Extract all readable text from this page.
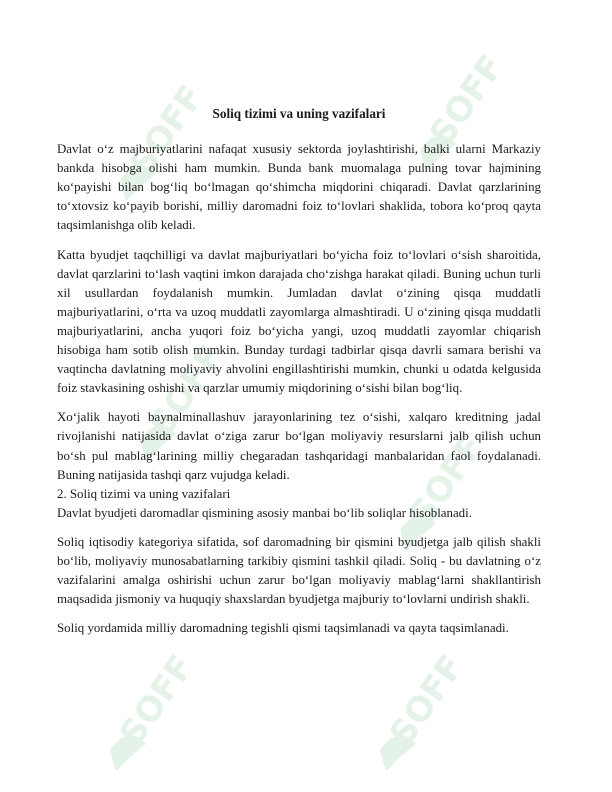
SOFF	SOFF
SOFF
SOFF
SOFF	SOFF

Soliq tizimi va uning vazifalari

Davlat o‘z majburiyatlarini nafaqat xususiy sektorda joylashtirishi, balki ularni Markaziy bankda hisobga olishi ham mumkin. Bunda bank muomalaga pulning tovar hajmining ko‘payishi bilan bog‘liq bo‘lmagan qo‘shimcha miqdorini chiqaradi. Davlat qarzlarining to‘xtovsiz ko‘payib borishi, milliy daromadni foiz to‘lovlari shaklida, tobora ko‘proq qayta taqsimlanishga olib keladi.

Katta byudjet taqchilligi va davlat majburiyatlari bo‘yicha foiz to‘lovlari o‘sish sharoitida, davlat qarzlarini to‘lash vaqtini imkon darajada cho‘zishga harakat qiladi. Buning uchun turli xil usullardan foydalanish mumkin. Jumladan davlat o‘zining qisqa muddatli majburiyatlarini, o‘rta va uzoq muddatli zayomlarga almashtiradi. U o‘zining qisqa muddatli majburiyatlarini, ancha yuqori foiz bo‘yicha yangi, uzoq muddatli zayomlar chiqarish hisobiga ham sotib olish mumkin. Bunday turdagi tadbirlar qisqa davrli samara berishi va vaqtincha davlatning moliyaviy ahvolini engillashtirishi mumkin, chunki u odatda kelgusida foiz stavkasining oshishi va qarzlar umumiy miqdorining o‘sishi bilan bog‘liq.

Xo‘jalik hayoti baynalminallashuv jarayonlarining tez o‘sishi, xalqaro kreditning jadal rivojlanishi natijasida davlat o‘ziga zarur bo‘lgan moliyaviy resurslarni jalb qilish uchun bo‘sh pul mablag‘larining milliy chegaradan tashqaridagi manbalaridan faol foydalanadi. Buning natijasida tashqi qarz vujudga keladi.

2. Soliq tizimi va uning vazifalari

Davlat byudjeti daromadlar qismining asosiy manbai bo‘lib soliqlar hisoblanadi.

Soliq iqtisodiy kategoriya sifatida, sof daromadning bir qismini byudjetga jalb qilish shakli bo‘lib, moliyaviy munosabatlarning tarkibiy qismini tashkil qiladi. Soliq - bu davlatning o‘z vazifalarini amalga oshirishi uchun zarur bo‘lgan moliyaviy mablag‘larni shakllantirish maqsadida jismoniy va huquqiy shaxslardan byudjetga majburiy to‘lovlarni undirish shakli.

Soliq yordamida milliy daromadning tegishli qismi taqsimlanadi va qayta taqsimlanadi.
